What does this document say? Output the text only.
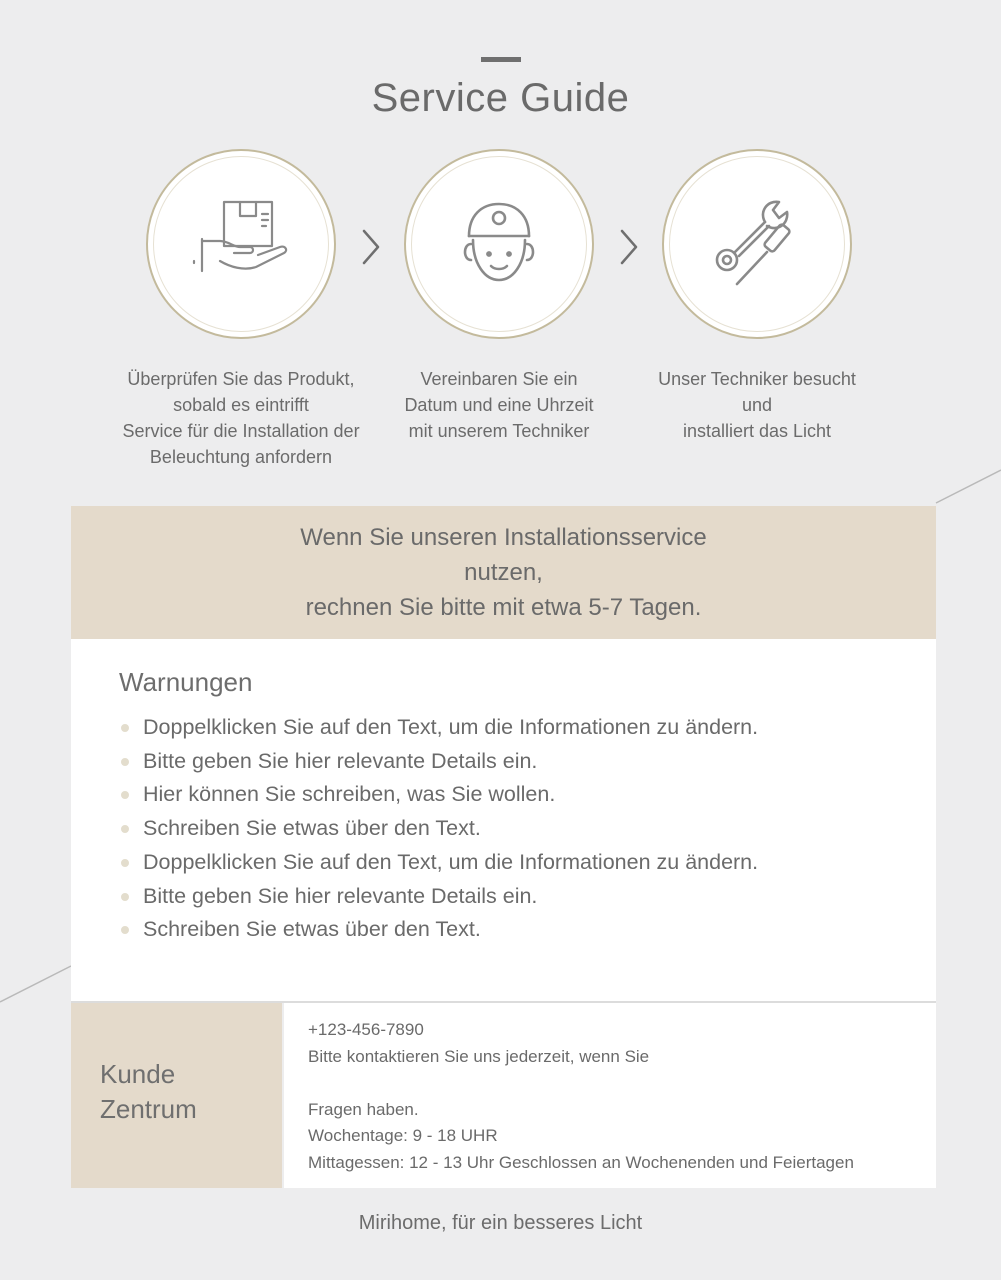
Service Guide
Überprüfen Sie das Produkt,
sobald es eintrifft
Service für die Installation der
Beleuchtung anfordern
Vereinbaren Sie ein
Datum und eine Uhrzeit
mit unserem Techniker
Unser Techniker besucht
und
installiert das Licht
Wenn Sie unseren Installationsservice
nutzen,
rechnen Sie bitte mit etwa 5-7 Tagen.
Warnungen
Doppelklicken Sie auf den Text, um die Informationen zu ändern.
Bitte geben Sie hier relevante Details ein.
Hier können Sie schreiben, was Sie wollen.
Schreiben Sie etwas über den Text.
Doppelklicken Sie auf den Text, um die Informationen zu ändern.
Bitte geben Sie hier relevante Details ein.
Schreiben Sie etwas über den Text.
Kunde
Zentrum
+123-456-7890
Bitte kontaktieren Sie uns jederzeit, wenn Sie
Fragen haben.
Wochentage: 9 - 18 UHR
Mittagessen: 12 - 13 Uhr Geschlossen an Wochenenden und Feiertagen
Mirihome, für ein besseres Licht
